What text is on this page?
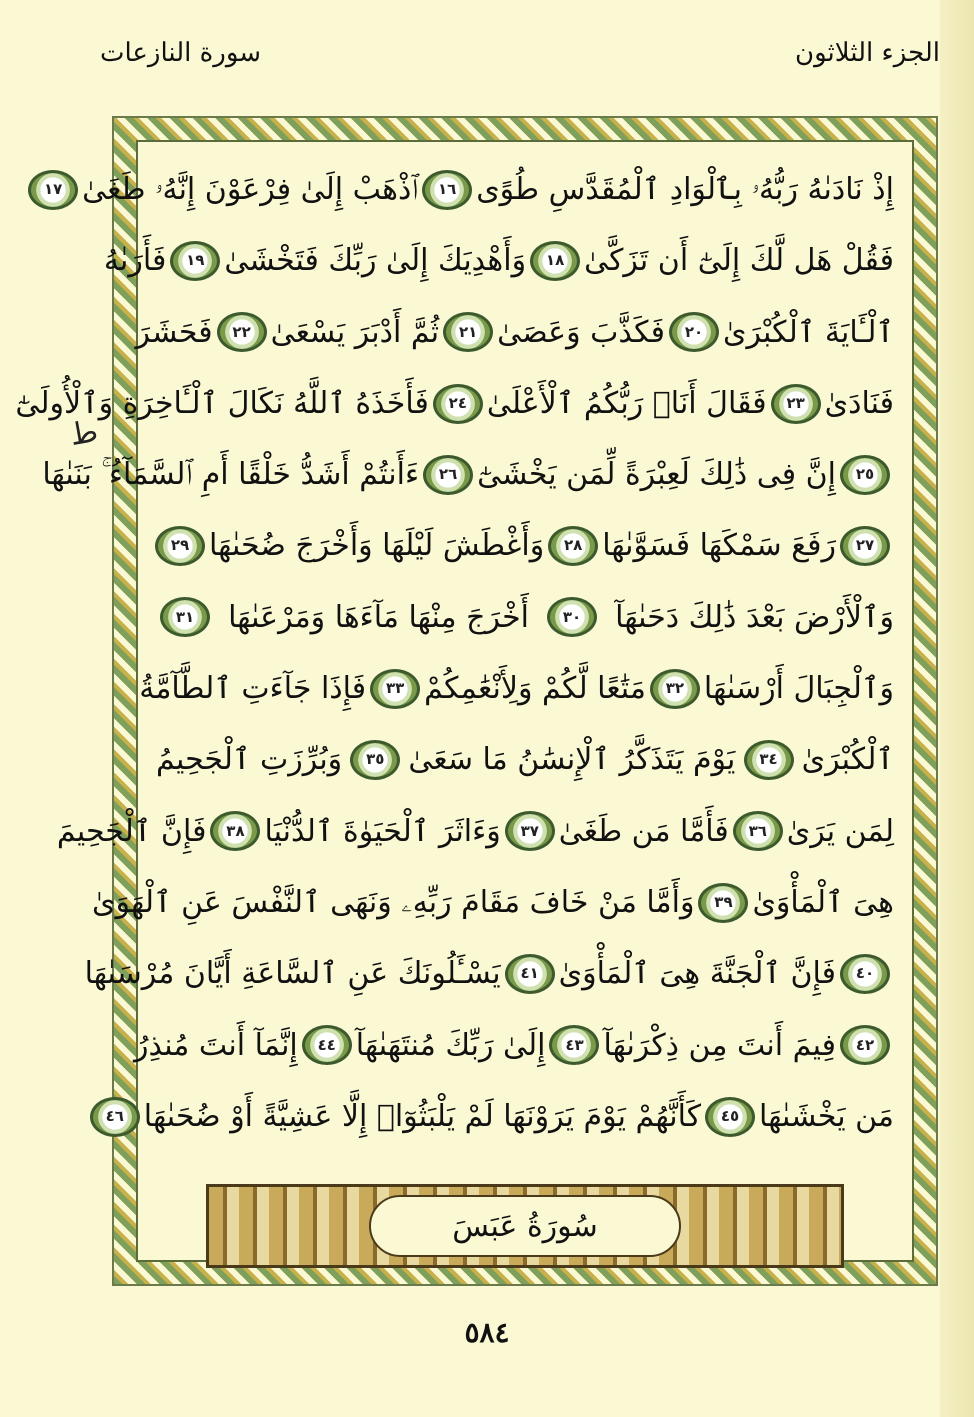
الجزء الثلاثون
سورة النازعات
ط
إِذْ نَادَىٰهُ رَبُّهُۥ بِٱلْوَادِ ٱلْمُقَدَّسِ طُوًى
١٦
ٱذْهَبْ إِلَىٰ فِرْعَوْنَ إِنَّهُۥ طَغَىٰ
١٧
فَقُلْ هَل لَّكَ إِلَىٰٓ أَن تَزَكَّىٰ
١٨
وَأَهْدِيَكَ إِلَىٰ رَبِّكَ فَتَخْشَىٰ
١٩
فَأَرَىٰهُ
ٱلْـَٔايَةَ ٱلْكُبْرَىٰ
٢٠
فَكَذَّبَ وَعَصَىٰ
٢١
ثُمَّ أَدْبَرَ يَسْعَىٰ
٢٢
فَحَشَرَ
فَنَادَىٰ
٢٣
فَقَالَ أَنَا۠ رَبُّكُمُ ٱلْأَعْلَىٰ
٢٤
فَأَخَذَهُ ٱللَّهُ نَكَالَ ٱلْـَٔاخِرَةِ وَٱلْأُولَىٰٓ
٢٥
إِنَّ فِى ذَٰلِكَ لَعِبْرَةً لِّمَن يَخْشَىٰٓ
٢٦
ءَأَنتُمْ أَشَدُّ خَلْقًا أَمِ ٱلسَّمَآءُ ۚ بَنَىٰهَا
٢٧
رَفَعَ سَمْكَهَا فَسَوَّىٰهَا
٢٨
وَأَغْطَشَ لَيْلَهَا وَأَخْرَجَ ضُحَىٰهَا
٢٩
وَٱلْأَرْضَ بَعْدَ ذَٰلِكَ دَحَىٰهَآ
٣٠
أَخْرَجَ مِنْهَا مَآءَهَا وَمَرْعَىٰهَا
٣١
وَٱلْجِبَالَ أَرْسَىٰهَا
٣٢
مَتَٰعًا لَّكُمْ وَلِأَنْعَٰمِكُمْ
٣٣
فَإِذَا جَآءَتِ ٱلطَّآمَّةُ
ٱلْكُبْرَىٰ
٣٤
يَوْمَ يَتَذَكَّرُ ٱلْإِنسَٰنُ مَا سَعَىٰ
٣٥
وَبُرِّزَتِ ٱلْجَحِيمُ
لِمَن يَرَىٰ
٣٦
فَأَمَّا مَن طَغَىٰ
٣٧
وَءَاثَرَ ٱلْحَيَوٰةَ ٱلدُّنْيَا
٣٨
فَإِنَّ ٱلْجَحِيمَ
هِىَ ٱلْمَأْوَىٰ
٣٩
وَأَمَّا مَنْ خَافَ مَقَامَ رَبِّهِۦ وَنَهَى ٱلنَّفْسَ عَنِ ٱلْهَوَىٰ
٤٠
فَإِنَّ ٱلْجَنَّةَ هِىَ ٱلْمَأْوَىٰ
٤١
يَسْـَٔلُونَكَ عَنِ ٱلسَّاعَةِ أَيَّانَ مُرْسَىٰهَا
٤٢
فِيمَ أَنتَ مِن ذِكْرَىٰهَآ
٤٣
إِلَىٰ رَبِّكَ مُنتَهَىٰهَآ
٤٤
إِنَّمَآ أَنتَ مُنذِرُ
مَن يَخْشَىٰهَا
٤٥
كَأَنَّهُمْ يَوْمَ يَرَوْنَهَا لَمْ يَلْبَثُوٓا۟ إِلَّا عَشِيَّةً أَوْ ضُحَىٰهَا
٤٦
سُورَةُ عَبَسَ
٥٨٤
